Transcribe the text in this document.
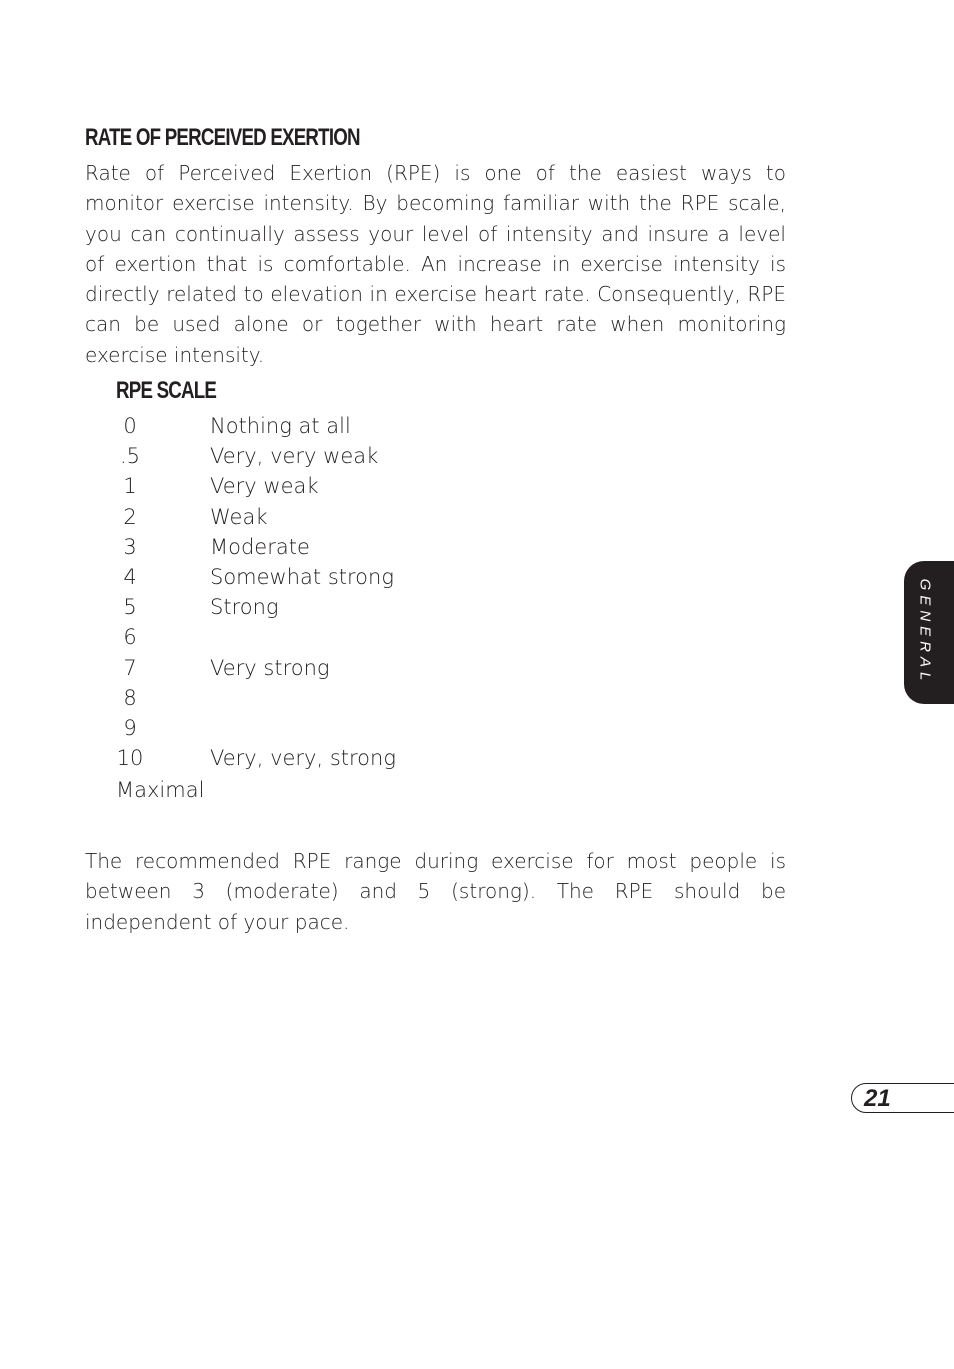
RATE OF PERCEIVED EXERTION

Rate of Perceived Exertion (RPE) is one of the easiest ways to monitor exercise intensity. By becoming familiar with the RPE scale, you can continually assess your level of intensity and insure a level of exertion that is comfortable. An increase in exercise intensity is directly related to elevation in exercise heart rate. Consequently, RPE can be used alone or together with heart rate when monitoring exercise intensity.

RPE SCALE
0	Nothing at all
.5	Very, very weak
1	Very weak
2	Weak
3	Moderate
4	Somewhat strong
5	Strong
6
7	Very strong
8
9
10	Very, very, strong
Maximal

The recommended RPE range during exercise for most people is between 3 (moderate) and 5 (strong). The RPE should be independent of your pace.

GENERAL
21
